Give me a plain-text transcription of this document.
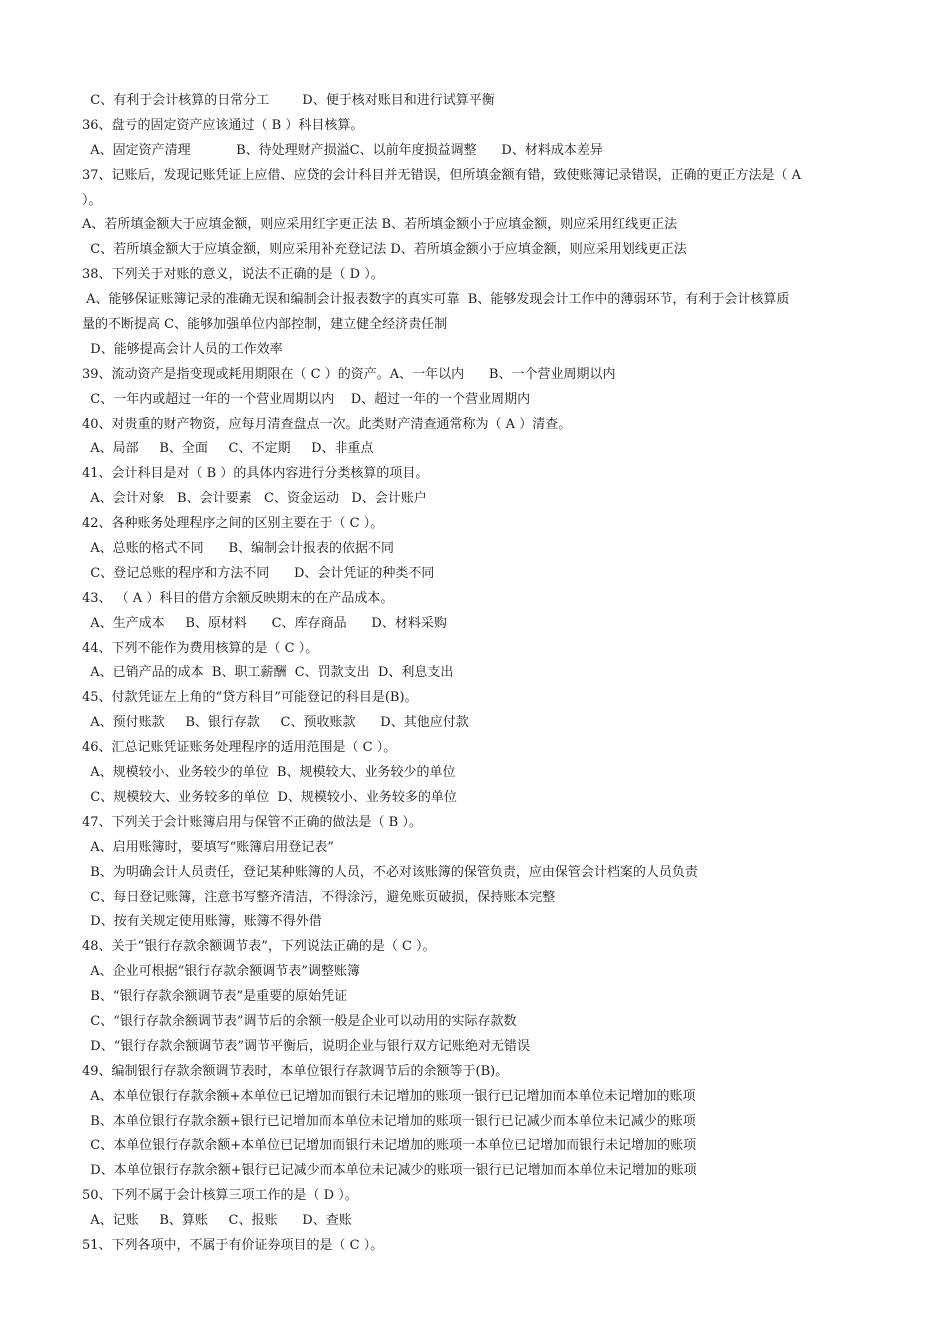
C、有利于会计核算的日常分工        D、便于核对账目和进行试算平衡
36、盘亏的固定资产应该通过（ B ）科目核算。
A、固定资产清理           B、待处理财产损溢C、以前年度损益调整      D、材料成本差异
37、记账后，发现记账凭证上应借、应贷的会计科目并无错误，但所填金额有错，致使账簿记录错误，正确的更正方法是（ A
）。
A、若所填金额大于应填金额，则应采用红字更正法 B、若所填金额小于应填金额，则应采用红线更正法
C、若所填金额大于应填金额，则应采用补充登记法 D、若所填金额小于应填金额，则应采用划线更正法
38、下列关于对账的意义，说法不正确的是（ D ）。
A、能够保证账簿记录的准确无误和编制会计报表数字的真实可靠  B、能够发现会计工作中的薄弱环节，有利于会计核算质
量的不断提高 C、能够加强单位内部控制，建立健全经济责任制
D、能够提高会计人员的工作效率
39、流动资产是指变现或耗用期限在（ C ）的资产。A、一年以内      B、一个营业周期以内
C、一年内或超过一年的一个营业周期以内    D、超过一年的一个营业周期内
40、对贵重的财产物资，应每月清查盘点一次。此类财产清查通常称为（ A ）清查。
A、局部     B、全面     C、不定期     D、非重点
41、会计科目是对（ B ）的具体内容进行分类核算的项目。
A、会计对象   B、会计要素   C、资金运动   D、会计账户
42、各种账务处理程序之间的区别主要在于（ C ）。
A、总账的格式不同      B、编制会计报表的依据不同
C、登记总账的程序和方法不同      D、会计凭证的种类不同
43、 （ A ）科目的借方余额反映期末的在产品成本。
A、生产成本     B、原材料      C、库存商品      D、材料采购
44、下列不能作为费用核算的是（ C ）。
A、已销产品的成本  B、职工薪酬  C、罚款支出  D、利息支出
45、付款凭证左上角的“贷方科目”可能登记的科目是(B)。
A、预付账款     B、银行存款     C、预收账款      D、其他应付款
46、汇总记账凭证账务处理程序的适用范围是（ C ）。
A、规模较小、业务较少的单位  B、规模较大、业务较少的单位
C、规模较大、业务较多的单位  D、规模较小、业务较多的单位
47、下列关于会计账簿启用与保管不正确的做法是（ B ）。
A、启用账簿时，要填写“账簿启用登记表”
B、为明确会计人员责任，登记某种账簿的人员，不必对该账簿的保管负责，应由保管会计档案的人员负责
C、每日登记账簿，注意书写整齐清洁，不得涂污，避免账页破损，保持账本完整
D、按有关规定使用账簿，账簿不得外借
48、关于“银行存款余额调节表”，下列说法正确的是（ C ）。
A、企业可根据“银行存款余额调节表”调整账簿
B、“银行存款余额调节表”是重要的原始凭证
C、“银行存款余额调节表”调节后的余额一般是企业可以动用的实际存款数
D、“银行存款余额调节表”调节平衡后，说明企业与银行双方记账绝对无错误
49、编制银行存款余额调节表时，本单位银行存款调节后的余额等于(B)。
A、本单位银行存款余额+本单位已记增加而银行未记增加的账项一银行已记增加而本单位未记增加的账项
B、本单位银行存款余额+银行已记增加而本单位未记增加的账项一银行已记减少而本单位未记减少的账项
C、本单位银行存款余额+本单位已记增加而银行未记增加的账项一本单位已记增加而银行未记增加的账项
D、本单位银行存款余额+银行已记减少而本单位未记减少的账项一银行已记增加而本单位未记增加的账项
50、下列不属于会计核算三项工作的是（ D ）。
A、记账     B、算账     C、报账      D、查账
51、下列各项中，不属于有价证券项目的是（ C ）。
